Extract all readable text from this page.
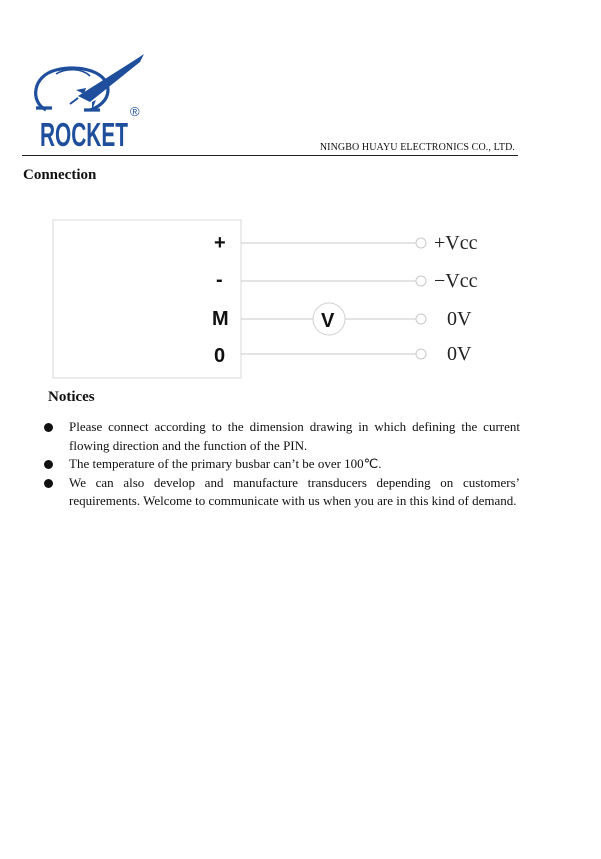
ROCKET
®
NINGBO HUAYU ELECTRONICS CO., LTD.
Connection
+	+Vcc
-	−Vcc
M	V	0V
0	0V
Notices
Please connect according to the dimension drawing in which defining the current flowing direction and the function of the PIN.
The temperature of the primary busbar can’t be over 100℃.
We can also develop and manufacture transducers depending on customers’ requirements. Welcome to communicate with us when you are in this kind of demand.
